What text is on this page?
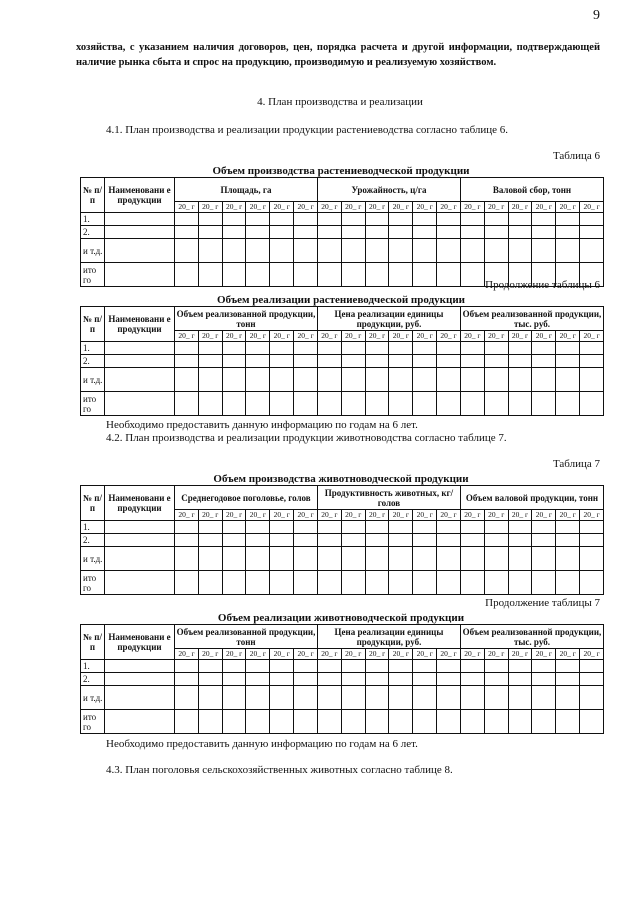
9
хозяйства, с указанием наличия договоров, цен, порядка расчета и другой информации, подтверждающей наличие рынка сбыта и спрос на продукцию, производимую и реализуемую хозяйством.
4. План производства и реализации
4.1. План производства и реализации продукции растениеводства согласно таблице 6.
Таблица 6
Объем производства растениеводческой продукции
№ п/п	Наименовани е продукции	Площадь, га						Урожайность, ц/га						Валовой сбор, тонн					
		20_ г	20_ г	20_ г	20_ г	20_ г	20_ г	20_ г	20_ г	20_ г	20_ г	20_ г	20_ г	20_ г	20_ г	20_ г	20_ г	20_ г	20_ г
1.																			
2.																			
и т.д.																			
ито го																				Продолжение таблицы 6
Объем реализации растениеводческой продукции
№ п/п	Наименовани е продукции	Объем реализованной продукции, тонн						Цена реализации единицы продукции, руб.						Объем реализованной продукции, тыс. руб.					
		20_ г	20_ г	20_ г	20_ г	20_ г	20_ г	20_ г	20_ г	20_ г	20_ г	20_ г	20_ г	20_ г	20_ г	20_ г	20_ г	20_ г	20_ г
1.																			
2.																			
и т.д.																			
ито го																			
Необходимо предоставить данную информацию по годам на 6 лет.
4.2. План производства и реализации продукции животноводства согласно таблице 7.
Таблица 7
Объем производства животноводческой продукции
№ п/п	Наименовани е продукции	Среднегодовое поголовье, голов						Продуктивность животных, кг/голов						Объем валовой продукции, тонн					
		20_ г	20_ г	20_ г	20_ г	20_ г	20_ г	20_ г	20_ г	20_ г	20_ г	20_ г	20_ г	20_ г	20_ г	20_ г	20_ г	20_ г	20_ г
1.																			
2.																			
и т.д.																			
ито го																			
Продолжение таблицы 7
Объем реализации животноводческой продукции
№ п/п	Наименовани е продукции	Объем реализованной продукции, тонн						Цена реализации единицы продукции, руб.						Объем реализованной продукции, тыс. руб.					
		20_ г	20_ г	20_ г	20_ г	20_ г	20_ г	20_ г	20_ г	20_ г	20_ г	20_ г	20_ г	20_ г	20_ г	20_ г	20_ г	20_ г	20_ г
1.																			
2.																			
и т.д.																			
ито го																			
Необходимо предоставить данную информацию по годам на 6 лет.
4.3. План поголовья сельскохозяйственных животных согласно таблице 8.
